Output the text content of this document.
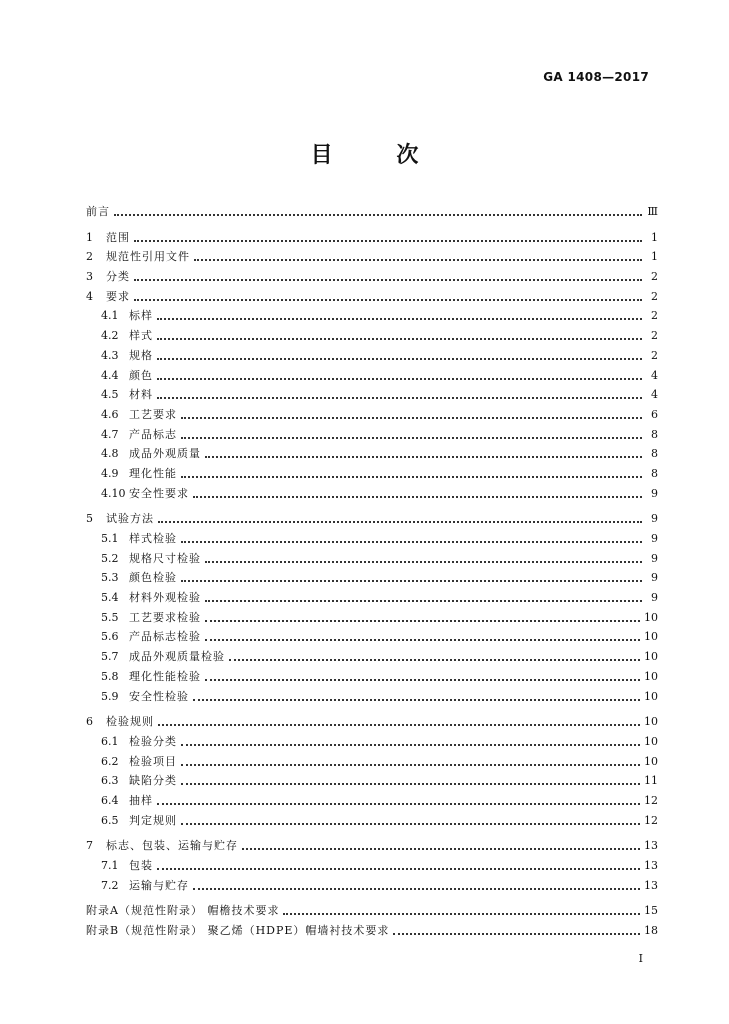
GA 1408—2017
目 次
前言	Ⅲ
1	范围	1
2	规范性引用文件	1
3	分类	2
4	要求	2
4.1 标样	2
4.2 样式	2
4.3 规格	2
4.4 颜色	4
4.5 材料	4
4.6 工艺要求	6
4.7 产品标志	8
4.8 成品外观质量	8
4.9 理化性能	8
4.10 安全性要求	9
5	试验方法	9
5.1 样式检验	9
5.2 规格尺寸检验	9
5.3 颜色检验	9
5.4 材料外观检验	9
5.5 工艺要求检验	10
5.6 产品标志检验	10
5.7 成品外观质量检验	10
5.8 理化性能检验	10
5.9 安全性检验	10
6	检验规则	10
6.1 检验分类	10
6.2 检验项目	10
6.3 缺陷分类	11
6.4 抽样	12
6.5 判定规则	12
7	标志、包装、运输与贮存	13
7.1 包装	13
7.2 运输与贮存	13
附录A（规范性附录） 帽檐技术要求	15
附录B（规范性附录） 聚乙烯（HDPE）帽墙衬技术要求	18
I
